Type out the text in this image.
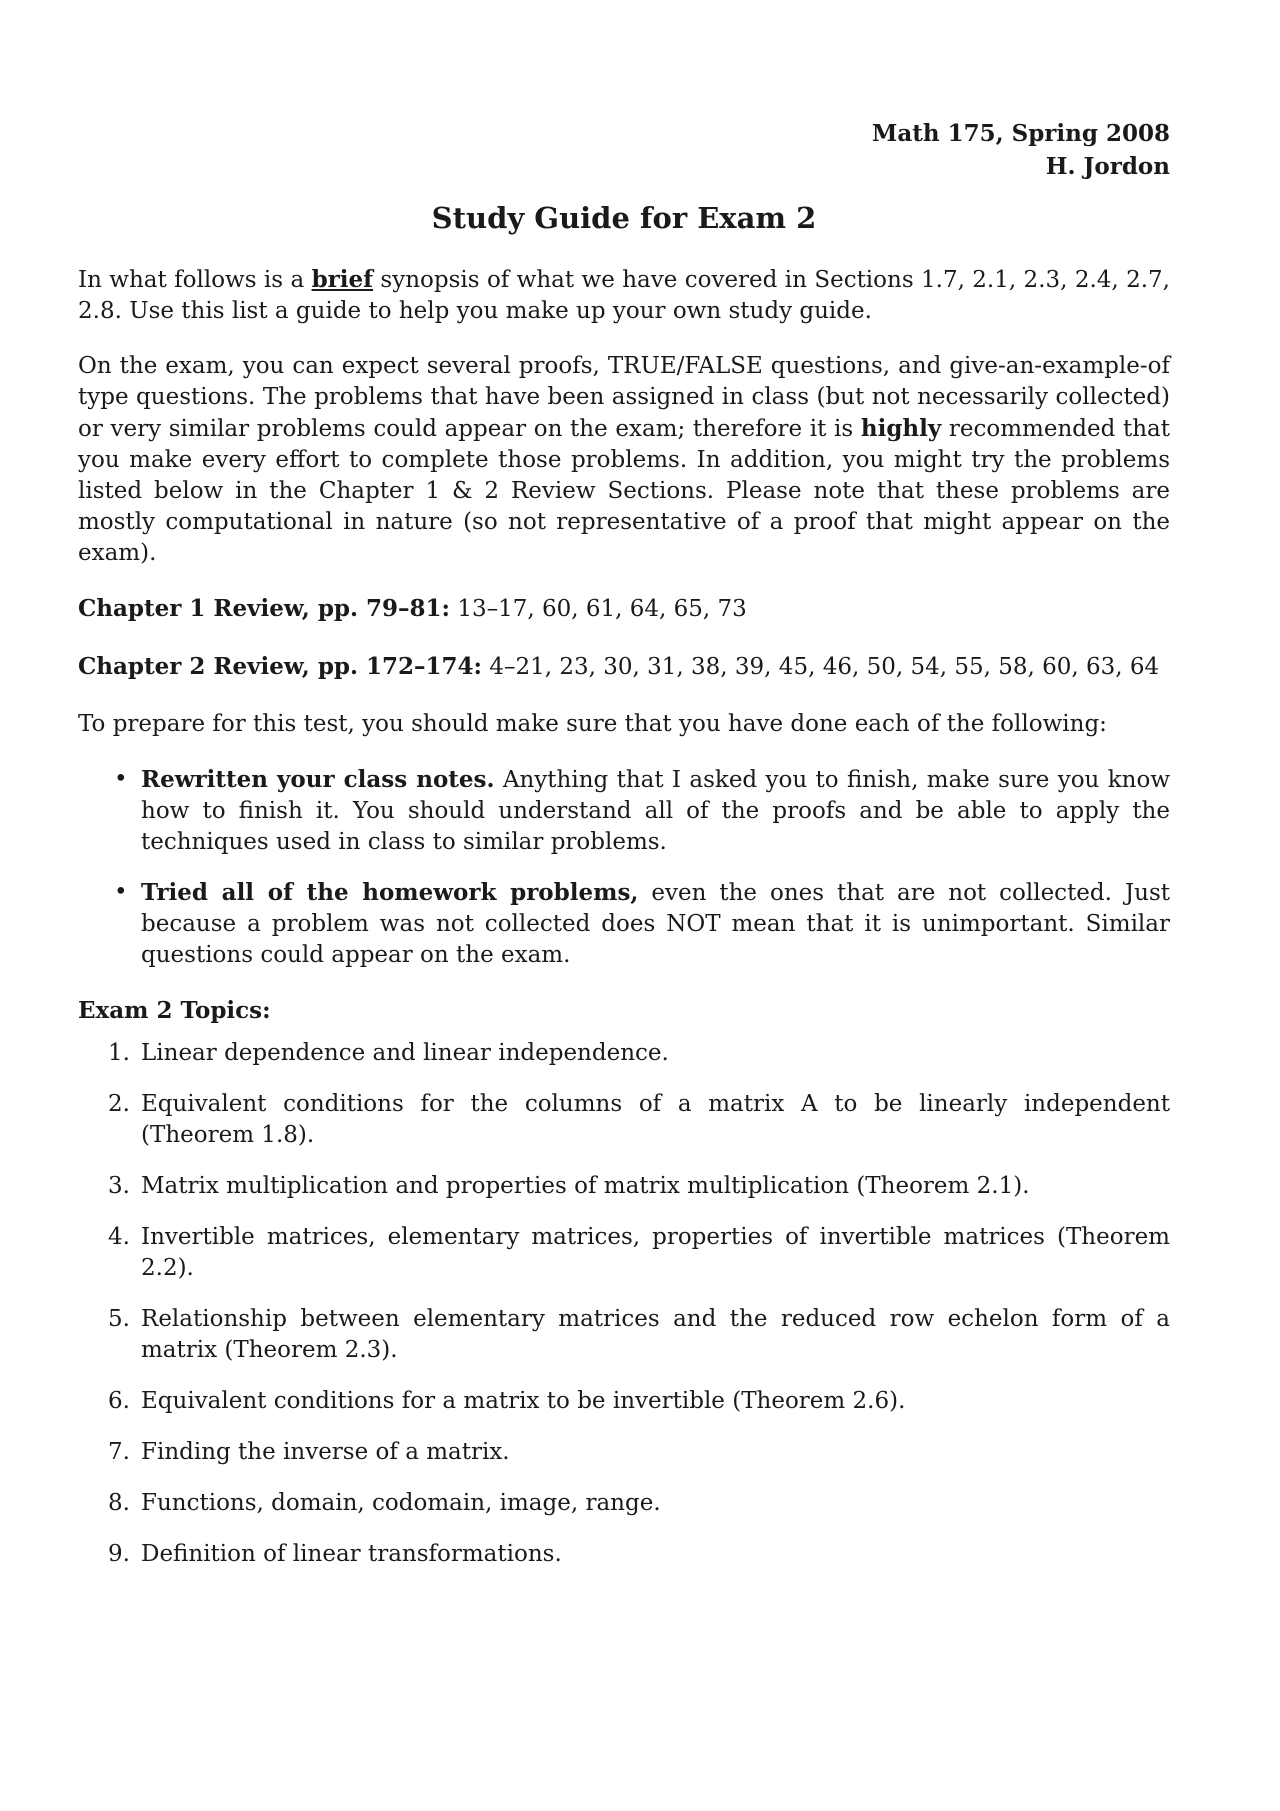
Math 175, Spring 2008
H. Jordon
Study Guide for Exam 2

In what follows is a brief synopsis of what we have covered in Sections 1.7, 2.1, 2.3, 2.4, 2.7, 2.8. Use this list a guide to help you make up your own study guide.

On the exam, you can expect several proofs, TRUE/FALSE questions, and give-an-example-of type questions. The problems that have been assigned in class (but not necessarily collected) or very similar problems could appear on the exam; therefore it is highly recommended that you make every effort to complete those problems. In addition, you might try the problems listed below in the Chapter 1 & 2 Review Sections. Please note that these problems are mostly computational in nature (so not representative of a proof that might appear on the exam).

Chapter 1 Review, pp. 79–81: 13–17, 60, 61, 64, 65, 73
Chapter 2 Review, pp. 172–174: 4–21, 23, 30, 31, 38, 39, 45, 46, 50, 54, 55, 58, 60, 63, 64

To prepare for this test, you should make sure that you have done each of the following:

• Rewritten your class notes. Anything that I asked you to finish, make sure you know how to finish it. You should understand all of the proofs and be able to apply the techniques used in class to similar problems.
• Tried all of the homework problems, even the ones that are not collected. Just because a problem was not collected does NOT mean that it is unimportant. Similar questions could appear on the exam.
Exam 2 Topics:
1. Linear dependence and linear independence.
2. Equivalent conditions for the columns of a matrix A to be linearly independent (Theorem 1.8).
3. Matrix multiplication and properties of matrix multiplication (Theorem 2.1).
4. Invertible matrices, elementary matrices, properties of invertible matrices (Theorem 2.2).
5. Relationship between elementary matrices and the reduced row echelon form of a matrix (Theorem 2.3).
6. Equivalent conditions for a matrix to be invertible (Theorem 2.6).
7. Finding the inverse of a matrix.
8. Functions, domain, codomain, image, range.
9. Definition of linear transformations.
